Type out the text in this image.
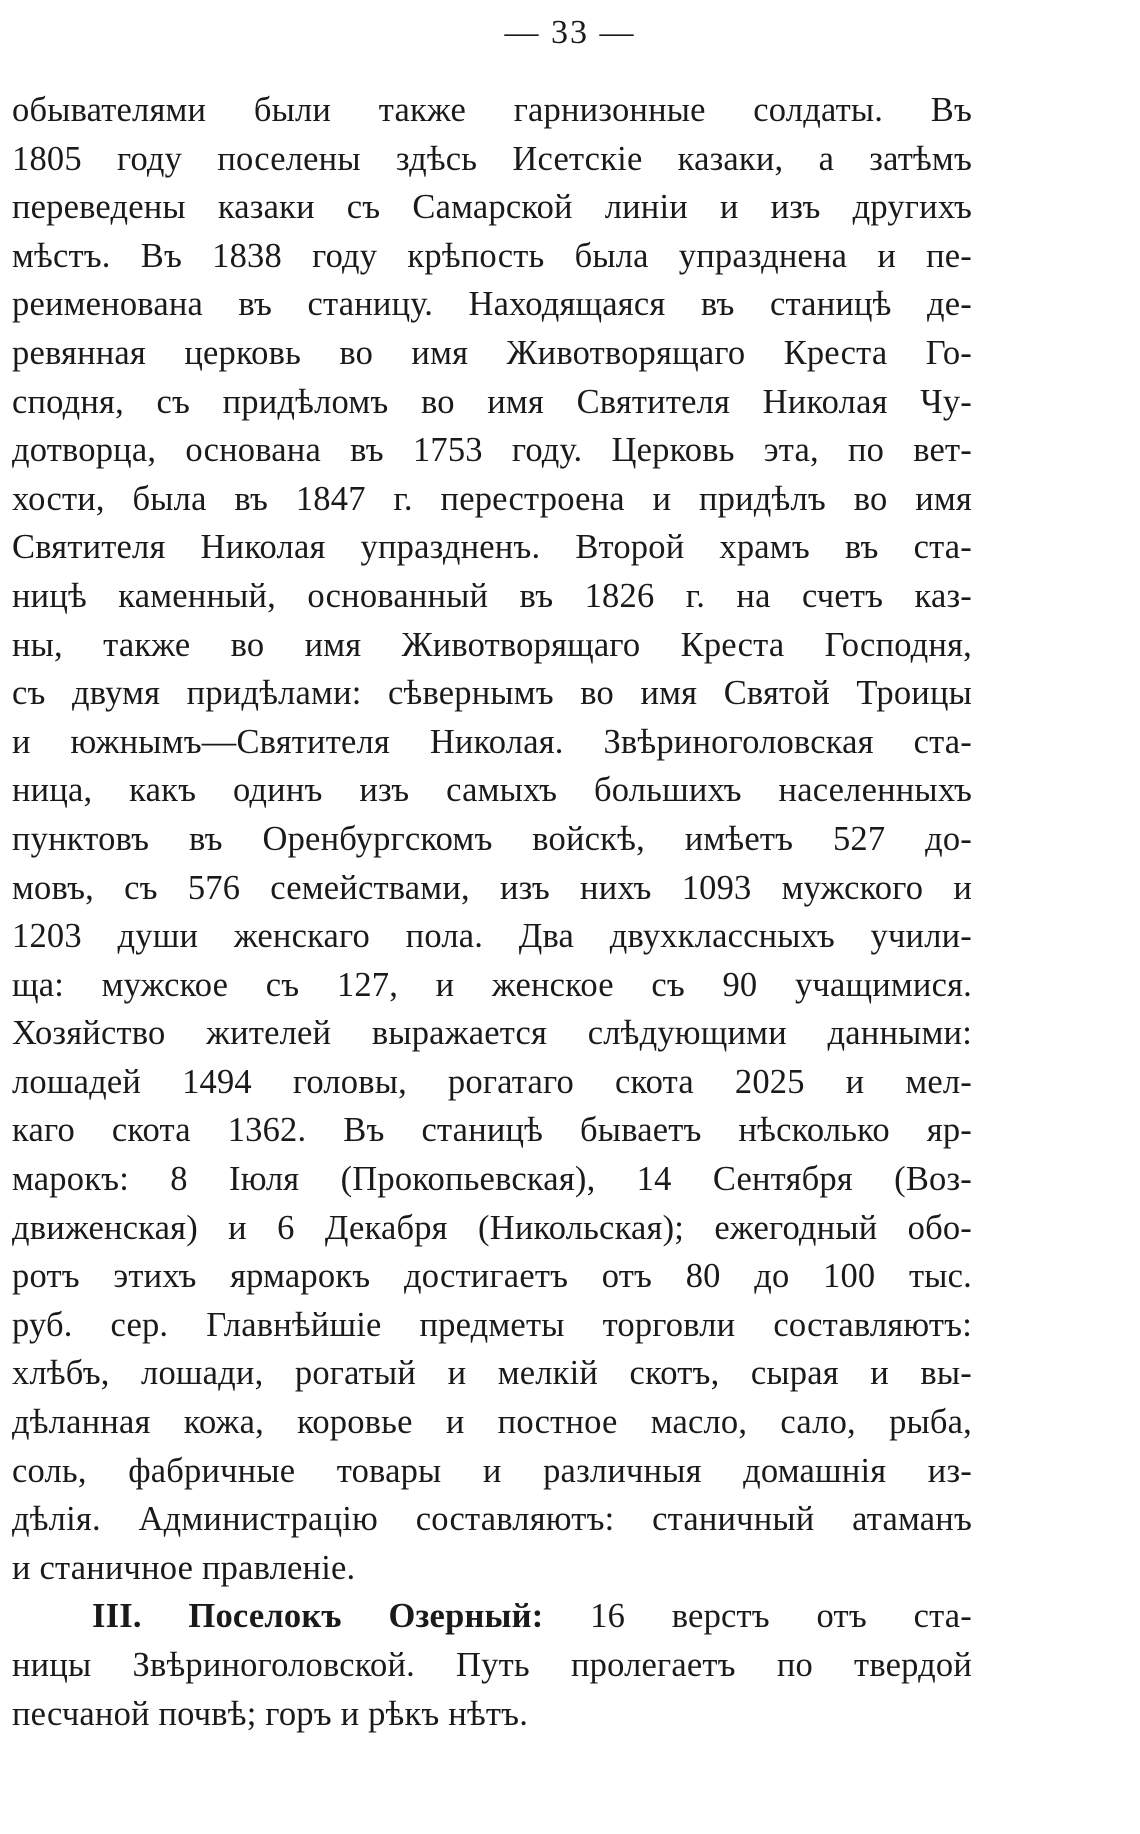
— 33 —
обывателями были также гарнизонные солдаты. Въ
1805 году поселены здѣсь Исетскіе казаки, а затѣмъ
переведены казаки съ Самарской линіи и изъ другихъ
мѣстъ. Въ 1838 году крѣпость была упразднена и пе-
реименована въ станицу. Находящаяся въ станицѣ де-
ревянная церковь во имя Животворящаго Креста Го-
сподня, съ придѣломъ во имя Святителя Николая Чу-
дотворца, основана въ 1753 году. Церковь эта, по вет-
хости, была въ 1847 г. перестроена и придѣлъ во имя
Святителя Николая упраздненъ. Второй храмъ въ ста-
ницѣ каменный, основанный въ 1826 г. на счетъ каз-
ны, также во имя Животворящаго Креста Господня,
съ двумя придѣлами: сѣвернымъ во имя Святой Троицы
и южнымъ—Святителя Николая. Звѣриноголовская ста-
ница, какъ одинъ изъ самыхъ большихъ населенныхъ
пунктовъ въ Оренбургскомъ войскѣ, имѣетъ 527 до-
мовъ, съ 576 семействами, изъ нихъ 1093 мужского и
1203 души женскаго пола. Два двухклассныхъ учили-
ща: мужское съ 127, и женское съ 90 учащимися.
Хозяйство жителей выражается слѣдующими данными:
лошадей 1494 головы, рогатаго скота 2025 и мел-
каго скота 1362. Въ станицѣ бываетъ нѣсколько яр-
марокъ: 8 Іюля (Прокопьевская), 14 Сентября (Воз-
движенская) и 6 Декабря (Никольская); ежегодный обо-
ротъ этихъ ярмарокъ достигаетъ отъ 80 до 100 тыс.
руб. сер. Главнѣйшіе предметы торговли составляютъ:
хлѣбъ, лошади, рогатый и мелкій скотъ, сырая и вы-
дѣланная кожа, коровье и постное масло, сало, рыба,
соль, фабричные товары и различныя домашнія из-
дѣлія. Администрацію составляютъ: станичный атаманъ
и станичное правленіе.
III. Поселокъ Озерный: 16 верстъ отъ ста-
ницы Звѣриноголовской. Путь пролегаетъ по твердой
песчаной почвѣ; горъ и рѣкъ нѣтъ.
